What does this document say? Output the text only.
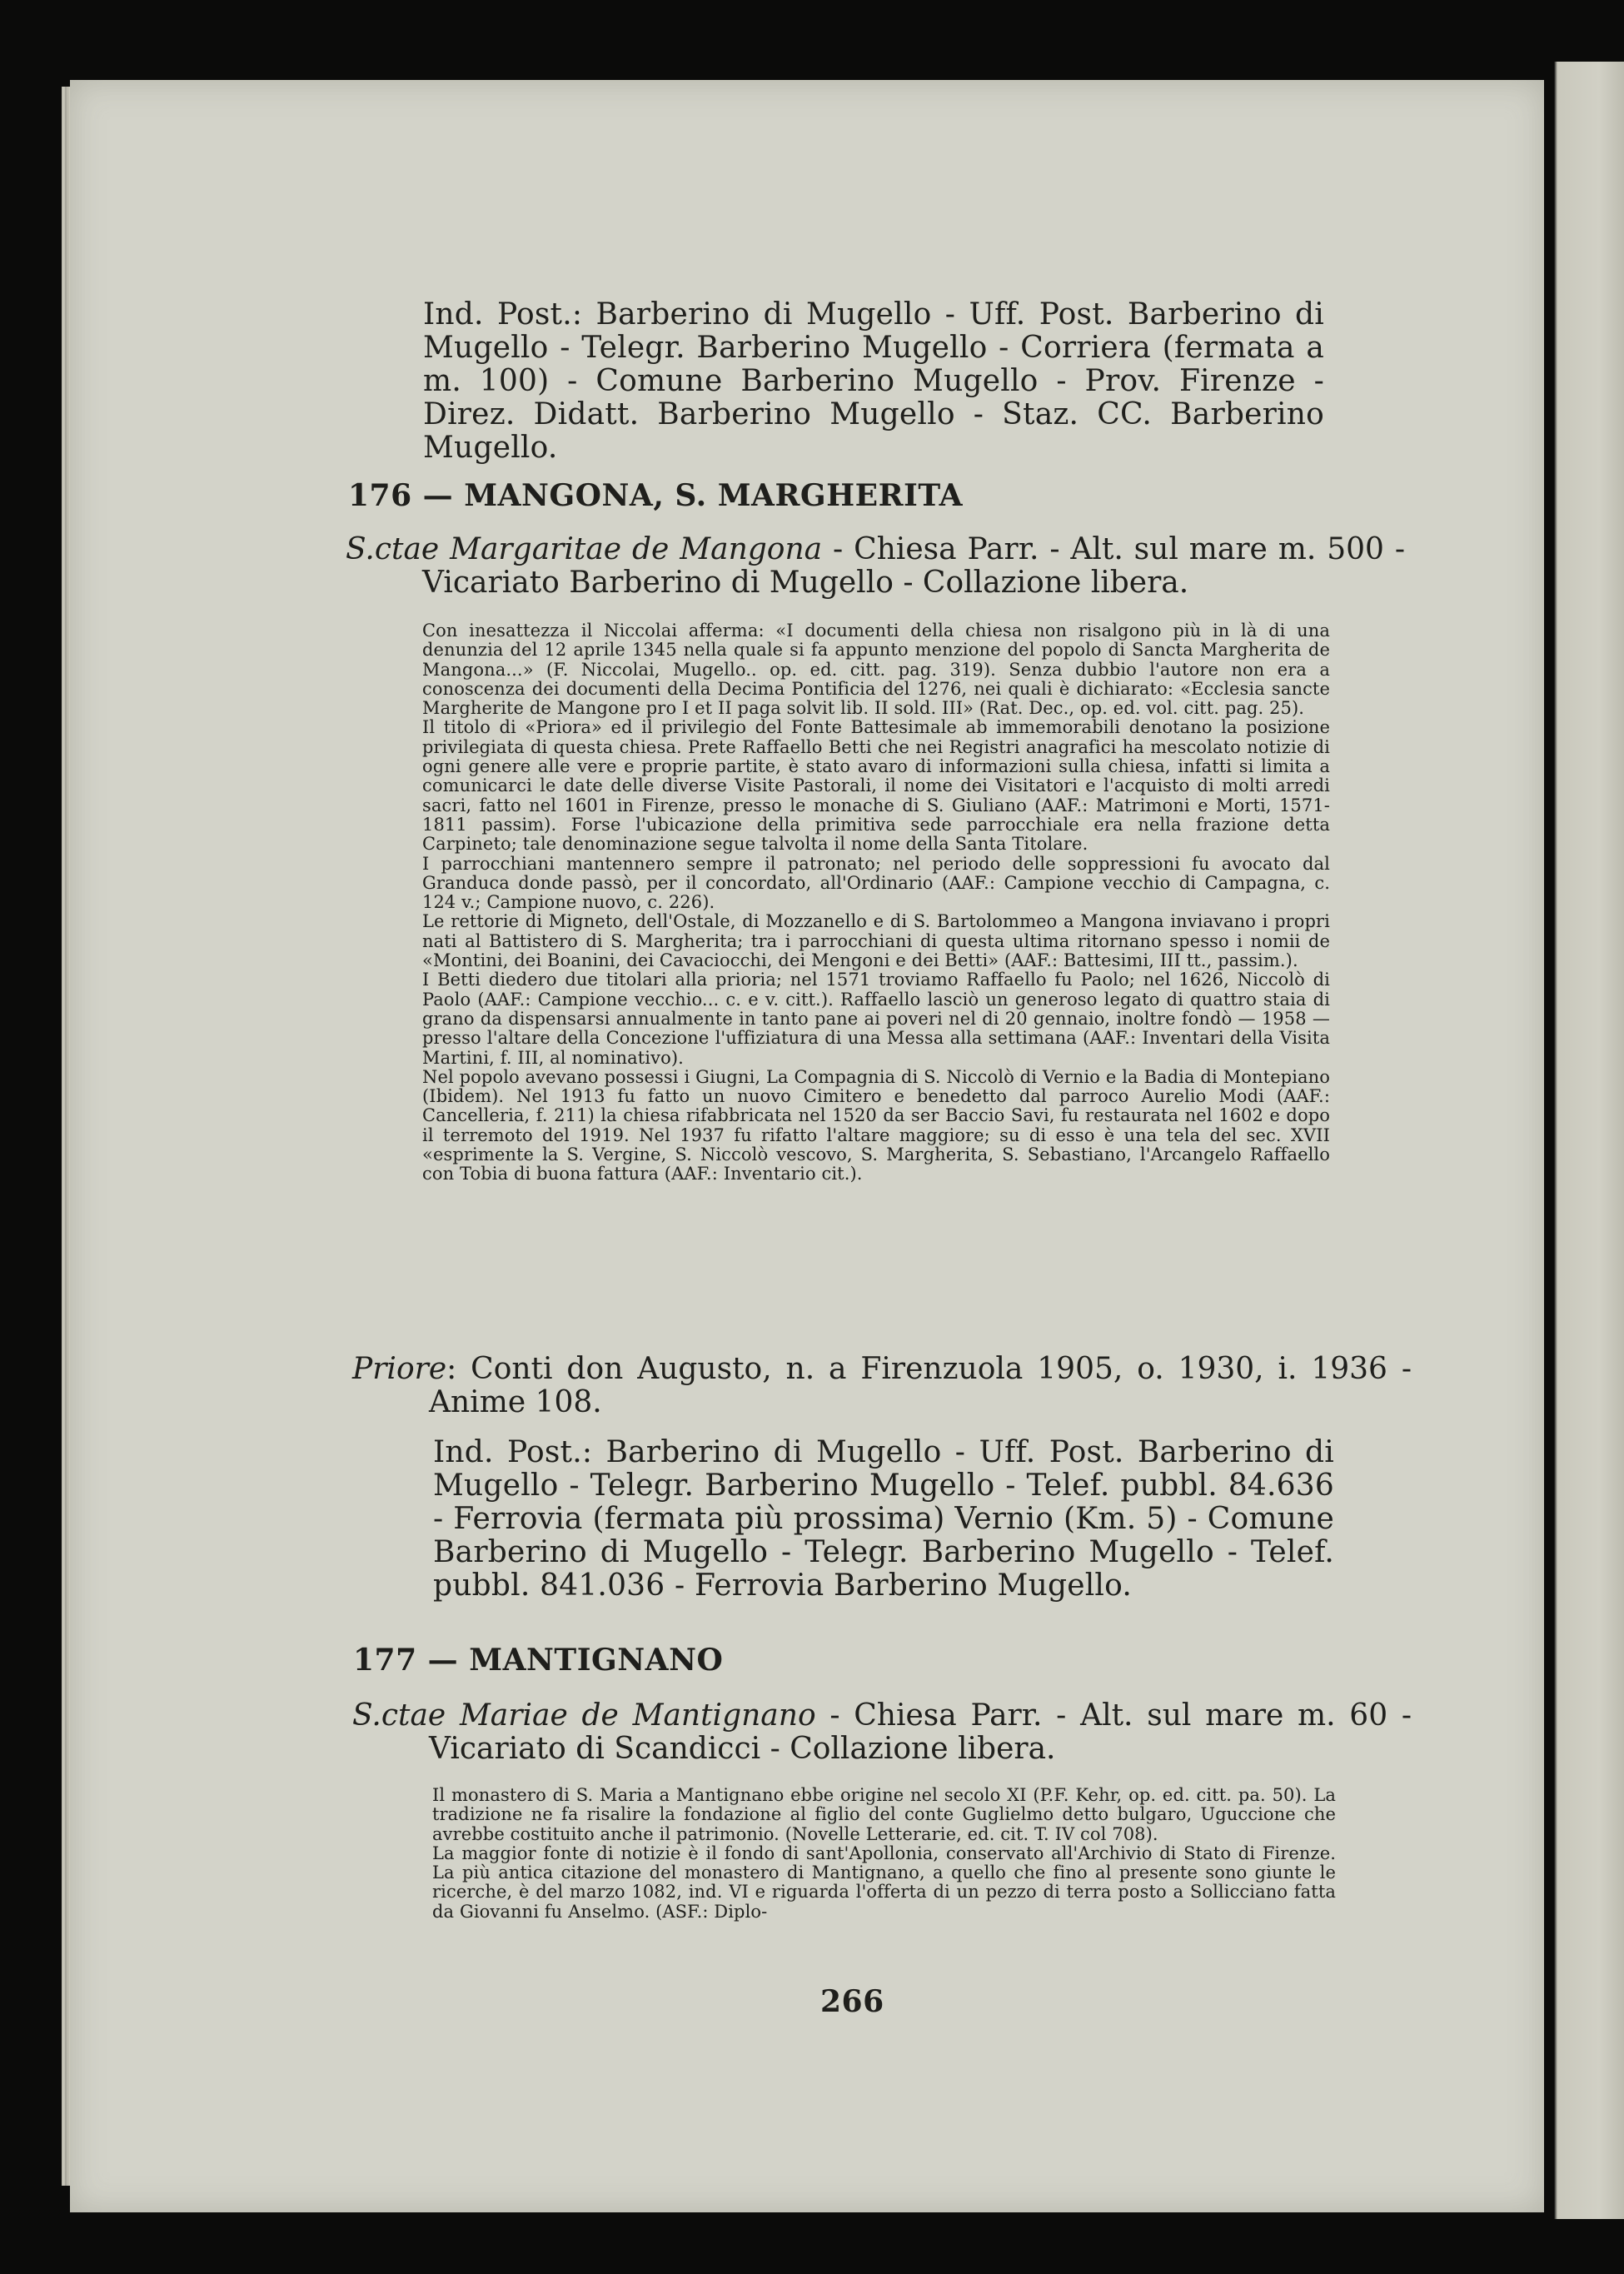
Ind. Post.: Barberino di Mugello - Uff. Post. Barberino di Mugello - Telegr. Barberino Mugello - Corriera (fermata a m. 100) - Comune Barberino Mugello - Prov. Firenze - Direz. Didatt. Barberino Mugello - Staz. CC. Barberino Mugello.

176 — MANGONA, S. MARGHERITA

S.ctae Margaritae de Mangona - Chiesa Parr. - Alt. sul mare m. 500 - Vicariato Barberino di Mugello - Collazione libera.

Con inesattezza il Niccolai afferma: «I documenti della chiesa non risalgono più in là di una denunzia del 12 aprile 1345 nella quale si fa appunto menzione del popolo di Sancta Margherita de Mangona...» (F. Niccolai, Mugello.. op. ed. citt. pag. 319). Senza dubbio l'autore non era a conoscenza dei documenti della Decima Pontificia del 1276, nei quali è dichiarato: «Ecclesia sancte Margherite de Mangone pro I et II paga solvit lib. II sold. III» (Rat. Dec., op. ed. vol. citt. pag. 25).

Il titolo di «Priora» ed il privilegio del Fonte Battesimale ab immemorabili denotano la posizione privilegiata di questa chiesa. Prete Raffaello Betti che nei Registri anagrafici ha mescolato notizie di ogni genere alle vere e proprie partite, è stato avaro di informazioni sulla chiesa, infatti si limita a comunicarci le date delle diverse Visite Pastorali, il nome dei Visitatori e l'acquisto di molti arredi sacri, fatto nel 1601 in Firenze, presso le monache di S. Giuliano (AAF.: Matrimoni e Morti, 1571-1811 passim). Forse l'ubicazione della primitiva sede parrocchiale era nella frazione detta Carpineto; tale denominazione segue talvolta il nome della Santa Titolare.

I parrocchiani mantennero sempre il patronato; nel periodo delle soppressioni fu avocato dal Granduca donde passò, per il concordato, all'Ordinario (AAF.: Campione vecchio di Campagna, c. 124 v.; Campione nuovo, c. 226).

Le rettorie di Migneto, dell'Ostale, di Mozzanello e di S. Bartolommeo a Mangona inviavano i propri nati al Battistero di S. Margherita; tra i parrocchiani di questa ultima ritornano spesso i nomii de «Montini, dei Boanini, dei Cavaciocchi, dei Mengoni e dei Betti» (AAF.: Battesimi, III tt., passim.).

I Betti diedero due titolari alla prioria; nel 1571 troviamo Raffaello fu Paolo; nel 1626, Niccolò di Paolo (AAF.: Campione vecchio... c. e v. citt.). Raffaello lasciò un generoso legato di quattro staia di grano da dispensarsi annualmente in tanto pane ai poveri nel di 20 gennaio, inoltre fondò — 1958 — presso l'altare della Concezione l'uffiziatura di una Messa alla settimana (AAF.: Inventari della Visita Martini, f. III, al nominativo).

Nel popolo avevano possessi i Giugni, La Compagnia di S. Niccolò di Vernio e la Badia di Montepiano (Ibidem). Nel 1913 fu fatto un nuovo Cimitero e benedetto dal parroco Aurelio Modi (AAF.: Cancelleria, f. 211) la chiesa rifabbricata nel 1520 da ser Baccio Savi, fu restaurata nel 1602 e dopo il terremoto del 1919. Nel 1937 fu rifatto l'altare maggiore; su di esso è una tela del sec. XVII «esprimente la S. Vergine, S. Niccolò vescovo, S. Margherita, S. Sebastiano, l'Arcangelo Raffaello con Tobia di buona fattura (AAF.: Inventario cit.).

Priore: Conti don Augusto, n. a Firenzuola 1905, o. 1930, i. 1936 - Anime 108.

Ind. Post.: Barberino di Mugello - Uff. Post. Barberino di Mugello - Telegr. Barberino Mugello - Telef. pubbl. 84.636 - Ferrovia (fermata più prossima) Vernio (Km. 5) - Comune Barberino di Mugello - Telegr. Barberino Mugello - Telef. pubbl. 841.036 - Ferrovia Barberino Mugello.

177 — MANTIGNANO

S.ctae Mariae de Mantignano - Chiesa Parr. - Alt. sul mare m. 60 - Vicariato di Scandicci - Collazione libera.

Il monastero di S. Maria a Mantignano ebbe origine nel secolo XI (P.F. Kehr, op. ed. citt. pa. 50). La tradizione ne fa risalire la fondazione al figlio del conte Guglielmo detto bulgaro, Uguccione che avrebbe costituito anche il patrimonio. (Novelle Letterarie, ed. cit. T. IV col 708).

La maggior fonte di notizie è il fondo di sant'Apollonia, conservato all'Archivio di Stato di Firenze. La più antica citazione del monastero di Mantignano, a quello che fino al presente sono giunte le ricerche, è del marzo 1082, ind. VI e riguarda l'offerta di un pezzo di terra posto a Sollicciano fatta da Giovanni fu Anselmo. (ASF.: Diplo-

266
